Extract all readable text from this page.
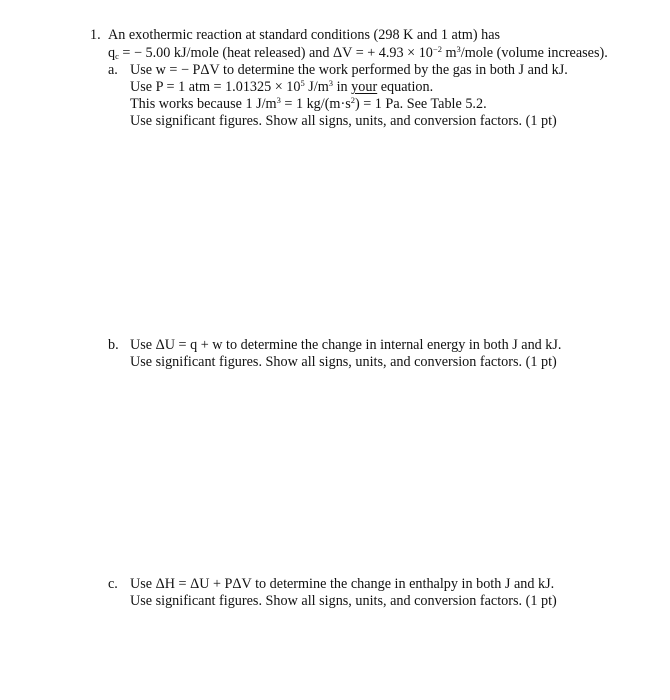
1. An exothermic reaction at standard conditions (298 K and 1 atm) has
$q_c$ = − 5.00 kJ/mole (heat released) and ΔV = + $4.93 \times 10^{-2}$ $m^3$/mole (volume increases).
a. Use w = − PΔV to determine the work performed by the gas in both J and kJ.
Use P = 1 atm = $1.01325 \times 10^5$ $J/m^3$ in your equation.
This works because 1 $J/m^3 = 1$ $kg/(m\cdot s^2) = 1$ Pa. See Table 5.2.
Use significant figures. Show all signs, units, and conversion factors. (1 pt)
b. Use ΔU = q + w to determine the change in internal energy in both J and kJ.
Use significant figures. Show all signs, units, and conversion factors. (1 pt)
c. Use ΔH = ΔU + PΔV to determine the change in enthalpy in both J and kJ.
Use significant figures. Show all signs, units, and conversion factors. (1 pt)
